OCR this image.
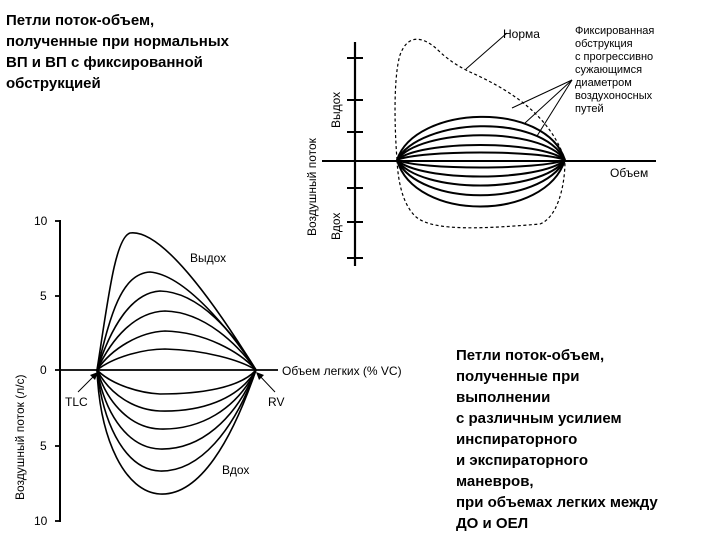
Петли поток-объем,
полученные при нормальных
ВП и ВП с фиксированной
обструкцией
Петли поток-объем,
полученные при
выполнении
с различным усилием
инспираторного
и экспираторного
маневров,
при объемах легких между
ДО и ОЕЛ
Воздушный поток
Выдох
Вдох
Объем
Норма	Фиксированная обструкция с прогрессивно сужающимся диаметром воздухоносных путей
Воздушный поток (л/с)
10
5
0
5
10
Объем легких (% VC)
TLC	RV
Выдох
Вдох
